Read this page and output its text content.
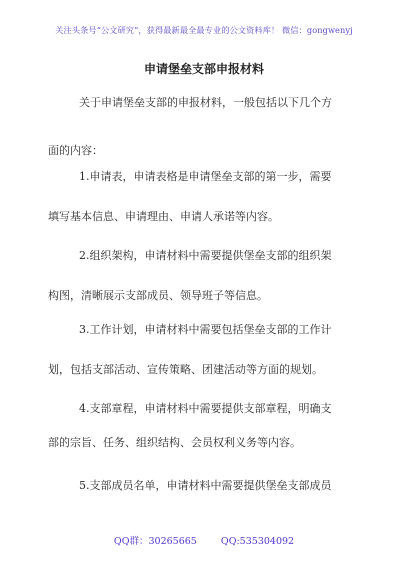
关注头条号“公文研究”，获得最新最全最专业的公文资料库！ 微信：gongwenyj
申请堡垒支部申报材料
关于申请堡垒支部的申报材料，一般包括以下几个方
面的内容：
1.申请表，申请表格是申请堡垒支部的第一步，需要
填写基本信息、申请理由、申请人承诺等内容。
2.组织架构，申请材料中需要提供堡垒支部的组织架
构图，清晰展示支部成员、领导班子等信息。
3.工作计划，申请材料中需要包括堡垒支部的工作计
划，包括支部活动、宣传策略、团建活动等方面的规划。
4.支部章程，申请材料中需要提供支部章程，明确支
部的宗旨、任务、组织结构、会员权利义务等内容。
5.支部成员名单，申请材料中需要提供堡垒支部成员
QQ群：30265665	QQ:535304092
